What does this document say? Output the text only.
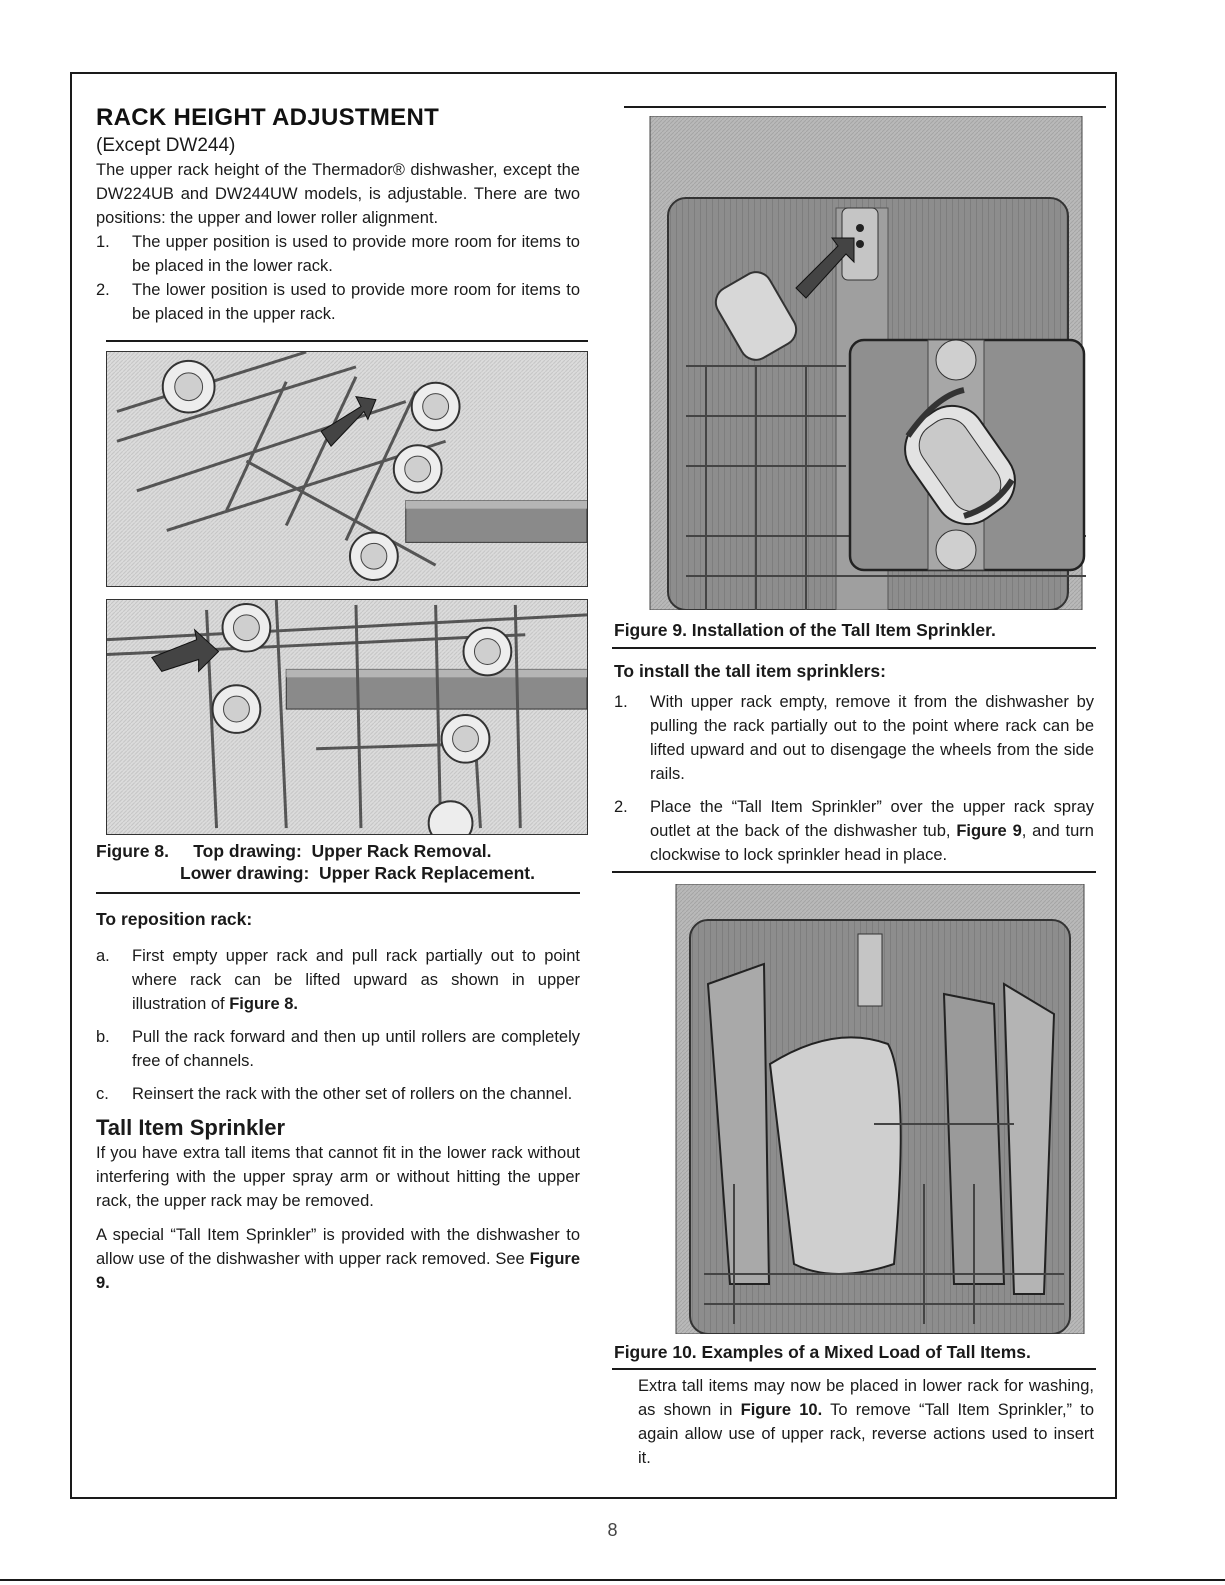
RACK HEIGHT ADJUSTMENT
(Except DW244)

The upper rack height of the Thermador® dishwasher, except the DW224UB and DW244UW models, is adjustable. There are two positions: the upper and lower roller alignment.

1. The upper position is used to provide more room for items to be placed in the lower rack.
2. The lower position is used to provide more room for items to be placed in the upper rack.
Figure 8.     Top drawing:  Upper Rack Removal.
Lower drawing:  Upper Rack Replacement.
To reposition rack:
a. First empty upper rack and pull rack partially out to point where rack can be lifted upward as shown in upper illustration of Figure 8.
b. Pull the rack forward and then up until rollers are completely free of channels.
c. Reinsert the rack with the other set of rollers on the channel.
Tall Item Sprinkler

If you have extra tall items that cannot fit in the lower rack without interfering with the upper spray arm or without hitting the upper rack, the upper rack may be removed.

A special “Tall Item Sprinkler” is provided with the dishwasher to allow use of the dishwasher with upper rack removed. See Figure 9.

Figure 9. Installation of the Tall Item Sprinkler.
To install the tall item sprinklers:
1. With upper rack empty, remove it from the dishwasher by pulling the rack partially out to the point where rack can be lifted upward and out to disengage the wheels from the side rails.
2. Place the “Tall Item Sprinkler” over the upper rack spray outlet at the back of the dishwasher tub, Figure 9, and turn clockwise to lock sprinkler head in place.
Figure 10. Examples of a Mixed Load of Tall Items.

Extra tall items may now be placed in lower rack for washing, as shown in Figure 10. To remove “Tall Item Sprinkler,” to again allow use of upper rack, reverse actions used to insert it.

8
